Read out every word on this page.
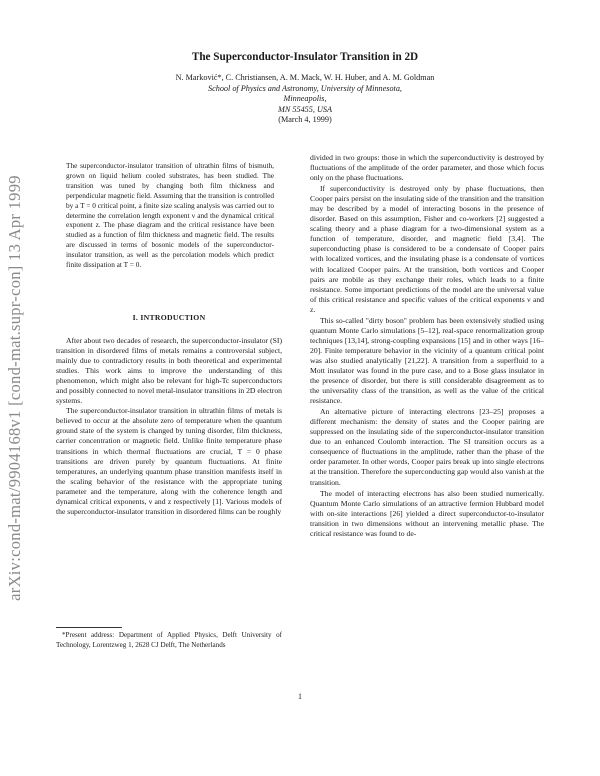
arXiv:cond-mat/9904168v1 [cond-mat.supr-con] 13 Apr 1999
The Superconductor-Insulator Transition in 2D
N. Marković*, C. Christiansen, A. M. Mack, W. H. Huber, and A. M. Goldman
School of Physics and Astronomy, University of Minnesota,
Minneapolis,
MN 55455, USA
(March 4, 1999)

The superconductor-insulator transition of ultrathin films of bismuth, grown on liquid helium cooled substrates, has been studied. The transition was tuned by changing both film thickness and perpendicular magnetic field. Assuming that the transition is controlled by a T = 0 critical point, a finite size scaling analysis was carried out to determine the correlation length exponent ν and the dynamical critical exponent z. The phase diagram and the critical resistance have been studied as a function of film thickness and magnetic field. The results are discussed in terms of bosonic models of the superconductor-insulator transition, as well as the percolation models which predict finite dissipation at T = 0.

I. INTRODUCTION

After about two decades of research, the superconductor-insulator (SI) transition in disordered films of metals remains a controversial subject, mainly due to contradictory results in both theoretical and experimental studies. This work aims to improve the understanding of this phenomenon, which might also be relevant for high-Tc superconductors and possibly connected to novel metal-insulator transitions in 2D electron systems.

The superconductor-insulator transition in ultrathin films of metals is believed to occur at the absolute zero of temperature when the quantum ground state of the system is changed by tuning disorder, film thickness, carrier concentration or magnetic field. Unlike finite temperature phase transitions in which thermal fluctuations are crucial, T = 0 phase transitions are driven purely by quantum fluctuations. At finite temperatures, an underlying quantum phase transition manifests itself in the scaling behavior of the resistance with the appropriate tuning parameter and the temperature, along with the coherence length and dynamical critical exponents, ν and z respectively [1]. Various models of the superconductor-insulator transition in disordered films can be roughly

*Present address: Department of Applied Physics, Delft University of Technology, Lorentzweg 1, 2628 CJ Delft, The Netherlands

divided in two groups: those in which the superconductivity is destroyed by fluctuations of the amplitude of the order parameter, and those which focus only on the phase fluctuations.

If superconductivity is destroyed only by phase fluctuations, then Cooper pairs persist on the insulating side of the transition and the transition may be described by a model of interacting bosons in the presence of disorder. Based on this assumption, Fisher and co-workers [2] suggested a scaling theory and a phase diagram for a two-dimensional system as a function of temperature, disorder, and magnetic field [3,4]. The superconducting phase is considered to be a condensate of Cooper pairs with localized vortices, and the insulating phase is a condensate of vortices with localized Cooper pairs. At the transition, both vortices and Cooper pairs are mobile as they exchange their roles, which leads to a finite resistance. Some important predictions of the model are the universal value of this critical resistance and specific values of the critical exponents ν and z.

This so-called "dirty boson" problem has been extensively studied using quantum Monte Carlo simulations [5–12], real-space renormalization group techniques [13,14], strong-coupling expansions [15] and in other ways [16–20]. Finite temperature behavior in the vicinity of a quantum critical point was also studied analytically [21,22]. A transition from a superfluid to a Mott insulator was found in the pure case, and to a Bose glass insulator in the presence of disorder, but there is still considerable disagreement as to the universality class of the transition, as well as the value of the critical resistance.

An alternative picture of interacting electrons [23–25] proposes a different mechanism: the density of states and the Cooper pairing are suppressed on the insulating side of the superconductor-insulator transition due to an enhanced Coulomb interaction. The SI transition occurs as a consequence of fluctuations in the amplitude, rather than the phase of the order parameter. In other words, Cooper pairs break up into single electrons at the transition. Therefore the superconducting gap would also vanish at the transition.

The model of interacting electrons has also been studied numerically. Quantum Monte Carlo simulations of an attractive fermion Hubbard model with on-site interactions [26] yielded a direct superconductor-to-insulator transition in two dimensions without an intervening metallic phase. The critical resistance was found to de-

1
